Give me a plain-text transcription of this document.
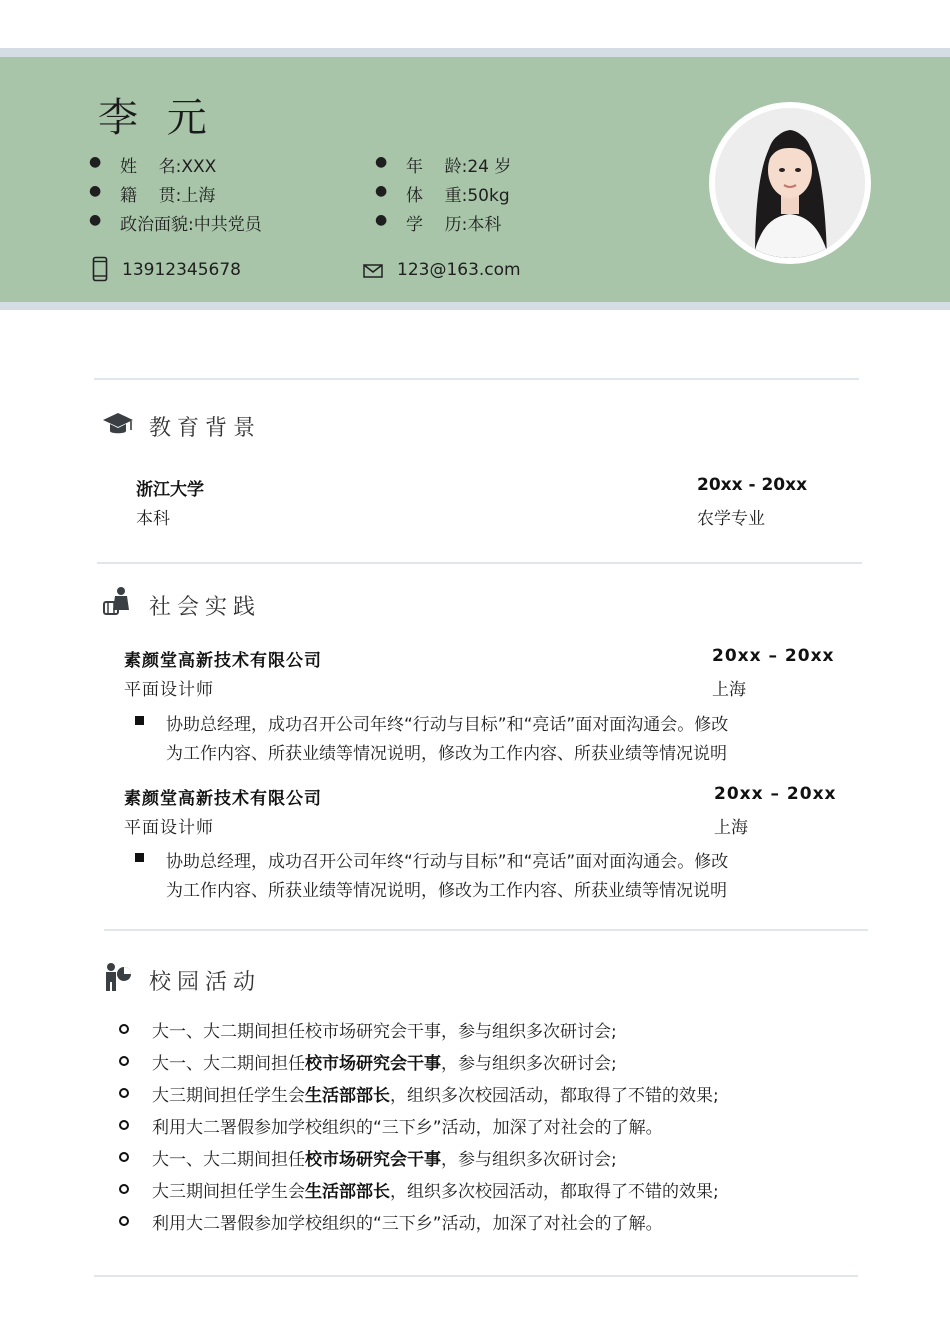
李 元
● 姓    名:XXX
● 籍    贯:上海
● 政治面貌:中共党员
● 年    龄:24 岁
● 体    重:50kg
● 学    历:本科
13912345678	123@163.com
教育背景
浙江大学	20xx - 20xx
本科	农学专业
社会实践
素颜堂高新技术有限公司	20xx – 20xx
平面设计师	上海
协助总经理，成功召开公司年终“行动与目标”和“亮话”面对面沟通会。修改
为工作内容、所获业绩等情况说明，修改为工作内容、所获业绩等情况说明
素颜堂高新技术有限公司	20xx – 20xx
平面设计师	上海
协助总经理，成功召开公司年终“行动与目标”和“亮话”面对面沟通会。修改
为工作内容、所获业绩等情况说明，修改为工作内容、所获业绩等情况说明
校园活动
大一、大二期间担任校市场研究会干事，参与组织多次研讨会;
大一、大二期间担任校市场研究会干事，参与组织多次研讨会;
大三期间担任学生会生活部部长，组织多次校园活动，都取得了不错的效果;
利用大二署假参加学校组织的“三下乡”活动，加深了对社会的了解。
大一、大二期间担任校市场研究会干事，参与组织多次研讨会;
大三期间担任学生会生活部部长，组织多次校园活动，都取得了不错的效果;
利用大二署假参加学校组织的“三下乡”活动，加深了对社会的了解。
